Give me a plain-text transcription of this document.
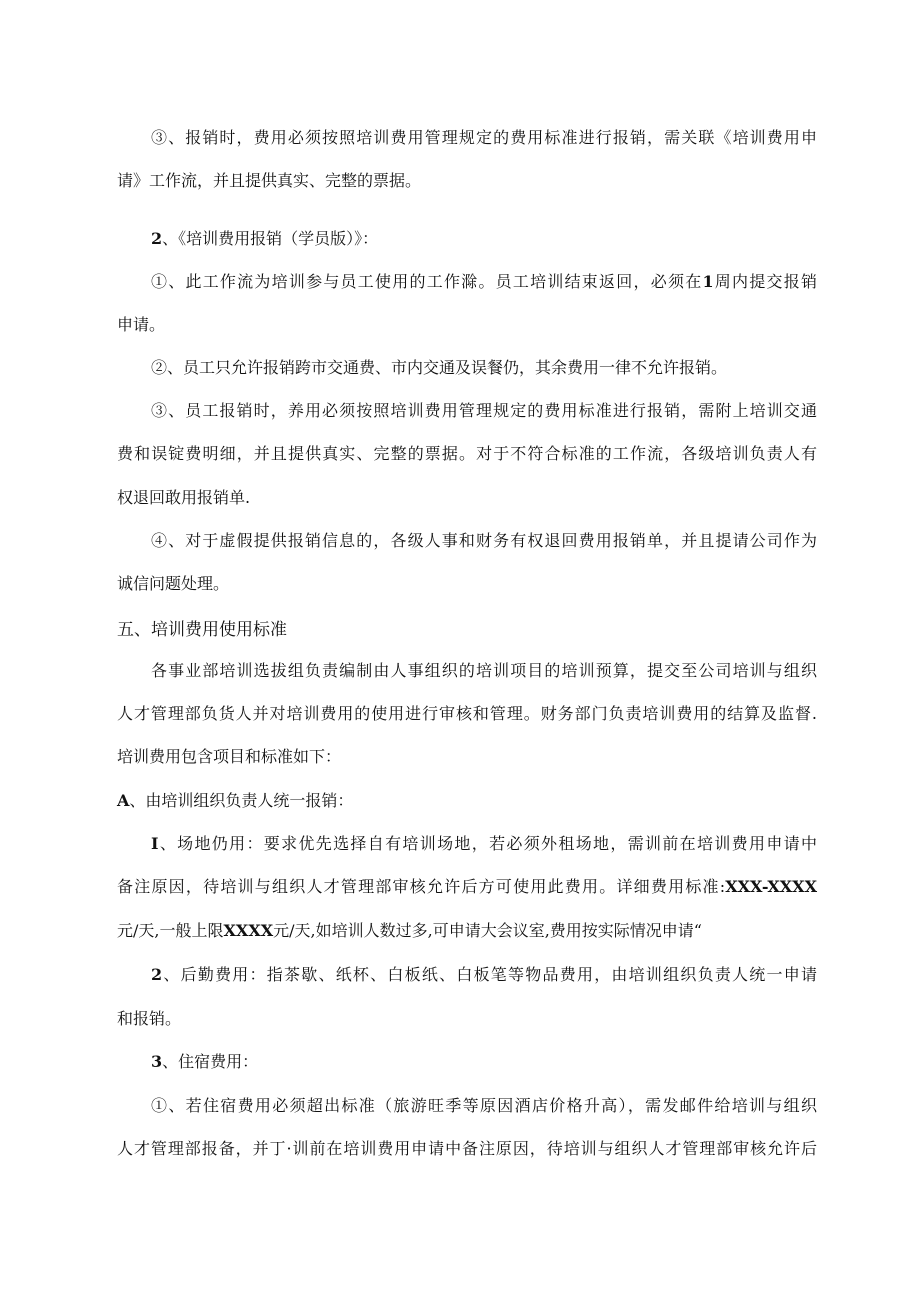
③、报销时，费用必须按照培训费用管理规定的费用标准进行报销，需关联《培训费用申

请》工作流，并且提供真实、完整的票据。

2、《培训费用报销（学员版）》：

①、此工作流为培训参与员工使用的工作滁。员工培训结束返回，必须在1周内提交报销

申请。

②、员工只允许报销跨市交通费、市内交通及误餐仍，其余费用一律不允许报销。

③、员工报销时，养用必须按照培训费用管理规定的费用标准进行报销，需附上培训交通

费和误锭费明细，并且提供真实、完整的票据。对于不符合标准的工作流，各级培训负责人有

权退回敢用报销单.

④、对于虚假提供报销信息的，各级人事和财务有权退回费用报销单，并且提请公司作为

诚信问题处理。

五、培训费用使用标准

各事业部培训选拔组负责编制由人事组织的培训项目的培训预算，提交至公司培训与组织

人才管理部负货人并对培训费用的使用进行审核和管理。财务部门负责培训费用的结算及监督.

培训费用包含项目和标准如下：

A、由培训组织负责人统一报销：

I、场地仍用：要求优先选择自有培训场地，若必须外租场地，需训前在培训费用申请中

备注原因，待培训与组织人才管理部审核允许后方可使用此费用。详细费用标准:XXX-XXXX

元/天,一般上限XXXX元/天,如培训人数过多,可申请大会议室,费用按实际情况申请“

2、后勤费用：指茶歇、纸杯、白板纸、白板笔等物品费用，由培训组织负责人统一申请

和报销。

3、住宿费用：

①、若住宿费用必须超出标准（旅游旺季等原因酒店价格升高），需发邮件给培训与组织

人才管理部报备，并丁·训前在培训费用申请中备注原因，待培训与组织人才管理部审核允许后
